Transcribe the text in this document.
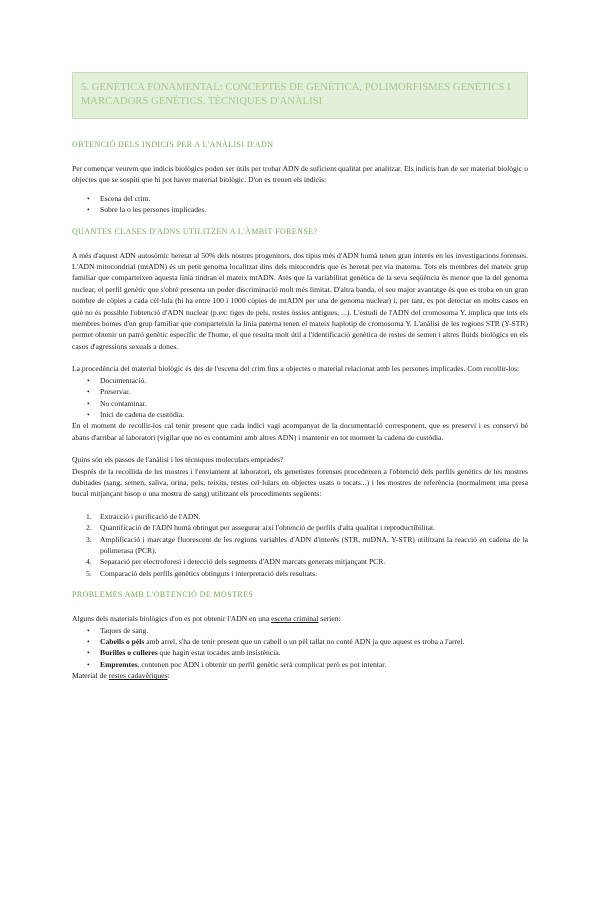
5. GENÈTICA FONAMENTAL: CONCEPTES DE GENÈTICA, POLIMORFISMES GENÈTICS I MARCADORS GENÈTICS. TÈCNIQUES D'ANÀLISI
OBTENCIÓ DELS INDICIS PER A L'ANÀLISI D'ADN

Per començar veurem que indicis biològics poden ser útils per trobar ADN de suficient qualitat per analitzar. Els indicis han de ser material biològic o objectes que se sospiti que hi pot haver material biològic. D'on es treuen els indicis:

• Escena del crim.
• Sobre la o les persones implicades.
QUANTES CLASES D'ADNS UTILITZEN A L'ÀMBIT FORENSE?

A més d'aquest ADN autosòmic heretat al 50% dels nostres progenitors, dos tipus més d'ADN humà tenen gran interès en les investigacions forenses. L'ADN mitocondrial (mtADN) és un petit genoma localitzat dins dels mitocondris que és heretat per via materna. Tots els membres del mateix grup familiar que comparteixen aquesta línia tindran el mateix mtADN. Atès que la variabilitat genètica de la seva seqüència és menor que la del genoma nuclear, el perfil genètic que s'obté presenta un poder discriminació molt més limitat. D'altra banda, el seu major avantatge és que es troba en un gran nombre de còpies a cada cèl·lula (hi ha entre 100 i 1000 còpies de mtADN per una de genoma nuclear) i, per tant, es pot detectar en molts casos en què no és possible l'obtenció d'ADN nuclear (p.ex: tiges de pels, restes òssies antigues, ...). L'estudi de l'ADN del cromosoma Y, implica que tots els membres homes d'un grup familiar que comparteixin la línia paterna tenen el mateix haplotip de cromosoma Y. L'anàlisi de les regions STR (Y-STR) permet obtenir un patró genètic específic de l'home, el que resulta molt útil a l'identificació genètica de restes de semen i altres fluids biològics en els casos d'agressions sexuals a dones.

La procedència del material biològic és des de l'escena del crim fins a objectes o material relacionat amb les persones implicades. Com recollir-los:

• Documentació.
• Preservar.
• No contaminar.
• Inici de cadena de custòdia.

En el moment de recollir-los cal tenir present que cada indici vagi acompanyat de la documentació corresponent, que es preservi i es conservi bé abans d'arribar al laboratori (vigilar que no es contamini amb altres ADN) i mantenir en tot moment la cadena de custòdia.

Quins són els passos de l'anàlisi i les tècniques moleculars emprades?

Després de la recollida de les mostres i l'enviament al laboratori, els genetistes forenses procedeixen a l'obtenció dels perfils genètics de les mostres dubitades (sang, semen, saliva, orina, pels, teixits, restes cel·lulars en objectes usats o tocats...) i les mostres de referència (normalment una presa bucal mitjançant hisop o una mostra de sang) utilitzant els procediments següents:

1. Extracció i purificació de l'ADN.
2. Quantificació de l'ADN humà obtingut per assegurar així l'obtenció de perfils d'alta qualitat i reproductibilitat.
3. Amplificació i marcatge fluorescent de les regions variables d'ADN d'interès (STR, mtDNA, Y-STR) utilitzant la reacció en cadena de la polimerasa (PCR).
4. Separació per electroforesi i detecció dels segments d'ADN marcats generats mitjançant PCR.
5. Comparació dels perfils genètics obtinguts i interpretació dels resultats.
PROBLEMES AMB L'OBTENCIÓ DE MOSTRES

Alguns dels materials biològics d'on es pot obtenir l'ADN en una escena criminal serien:

• Taques de sang.
• Cabells o pèls amb arrel, s'ha de tenir present que un cabell o un pèl tallat no conté ADN ja que aquest es troba a l'arrel.
• Burilles o culleres que hagin estat tocades amb insistència.
• Empremtes, contenen poc ADN i obtenir un perfil genètic serà complicat però es pot intentar.

Material de restes cadavèriques:
